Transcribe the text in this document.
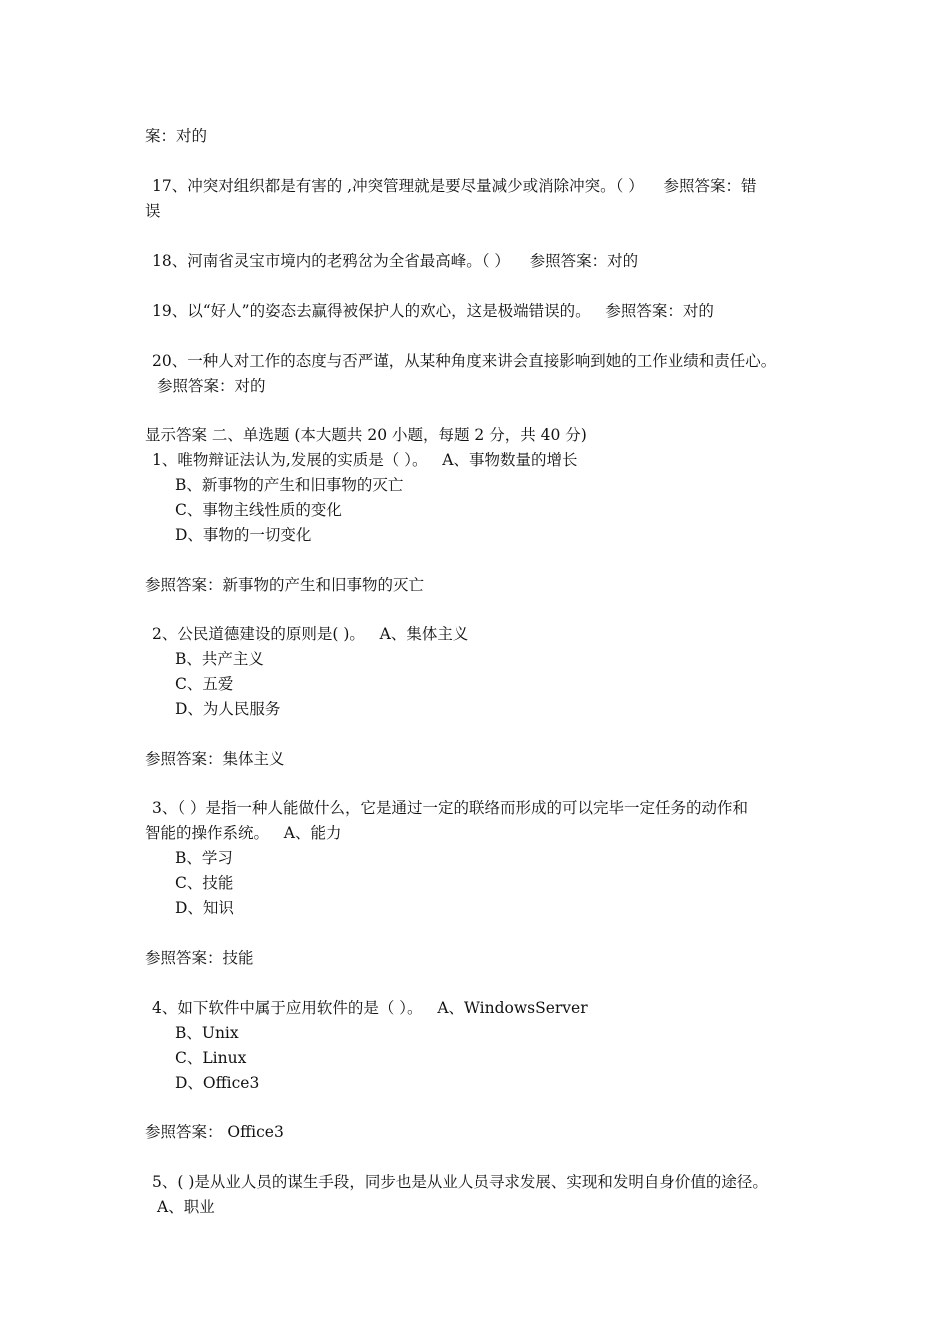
案：对的
17、冲突对组织都是有害的 ,冲突管理就是要尽量减少或消除冲突。（ ）    参照答案：错
误
18、河南省灵宝市境内的老鸦岔为全省最高峰。（ ）    参照答案：对的
19、以“好人”的姿态去赢得被保护人的欢心，这是极端错误的。   参照答案：对的
20、一种人对工作的态度与否严谨，从某种角度来讲会直接影响到她的工作业绩和责任心。
参照答案：对的
显示答案 二、单选题 (本大题共 20 小题，每题 2 分，共 40 分)
1、唯物辩证法认为,发展的实质是（ ）。   A、事物数量的增长
B、新事物的产生和旧事物的灭亡
C、事物主线性质的变化
D、事物的一切变化
参照答案：新事物的产生和旧事物的灭亡
2、公民道德建设的原则是( )。   A、集体主义
B、共产主义
C、五爱
D、为人民服务
参照答案：集体主义
3、（ ）是指一种人能做什么，它是通过一定的联络而形成的可以完毕一定任务的动作和
智能的操作系统。   A、能力
B、学习
C、技能
D、知识
参照答案：技能
4、如下软件中属于应用软件的是（ ）。   A、WindowsServer
B、Unix
C、Linux
D、Office3
参照答案： Office3
5、( )是从业人员的谋生手段，同步也是从业人员寻求发展、实现和发明自身价值的途径。
A、职业
